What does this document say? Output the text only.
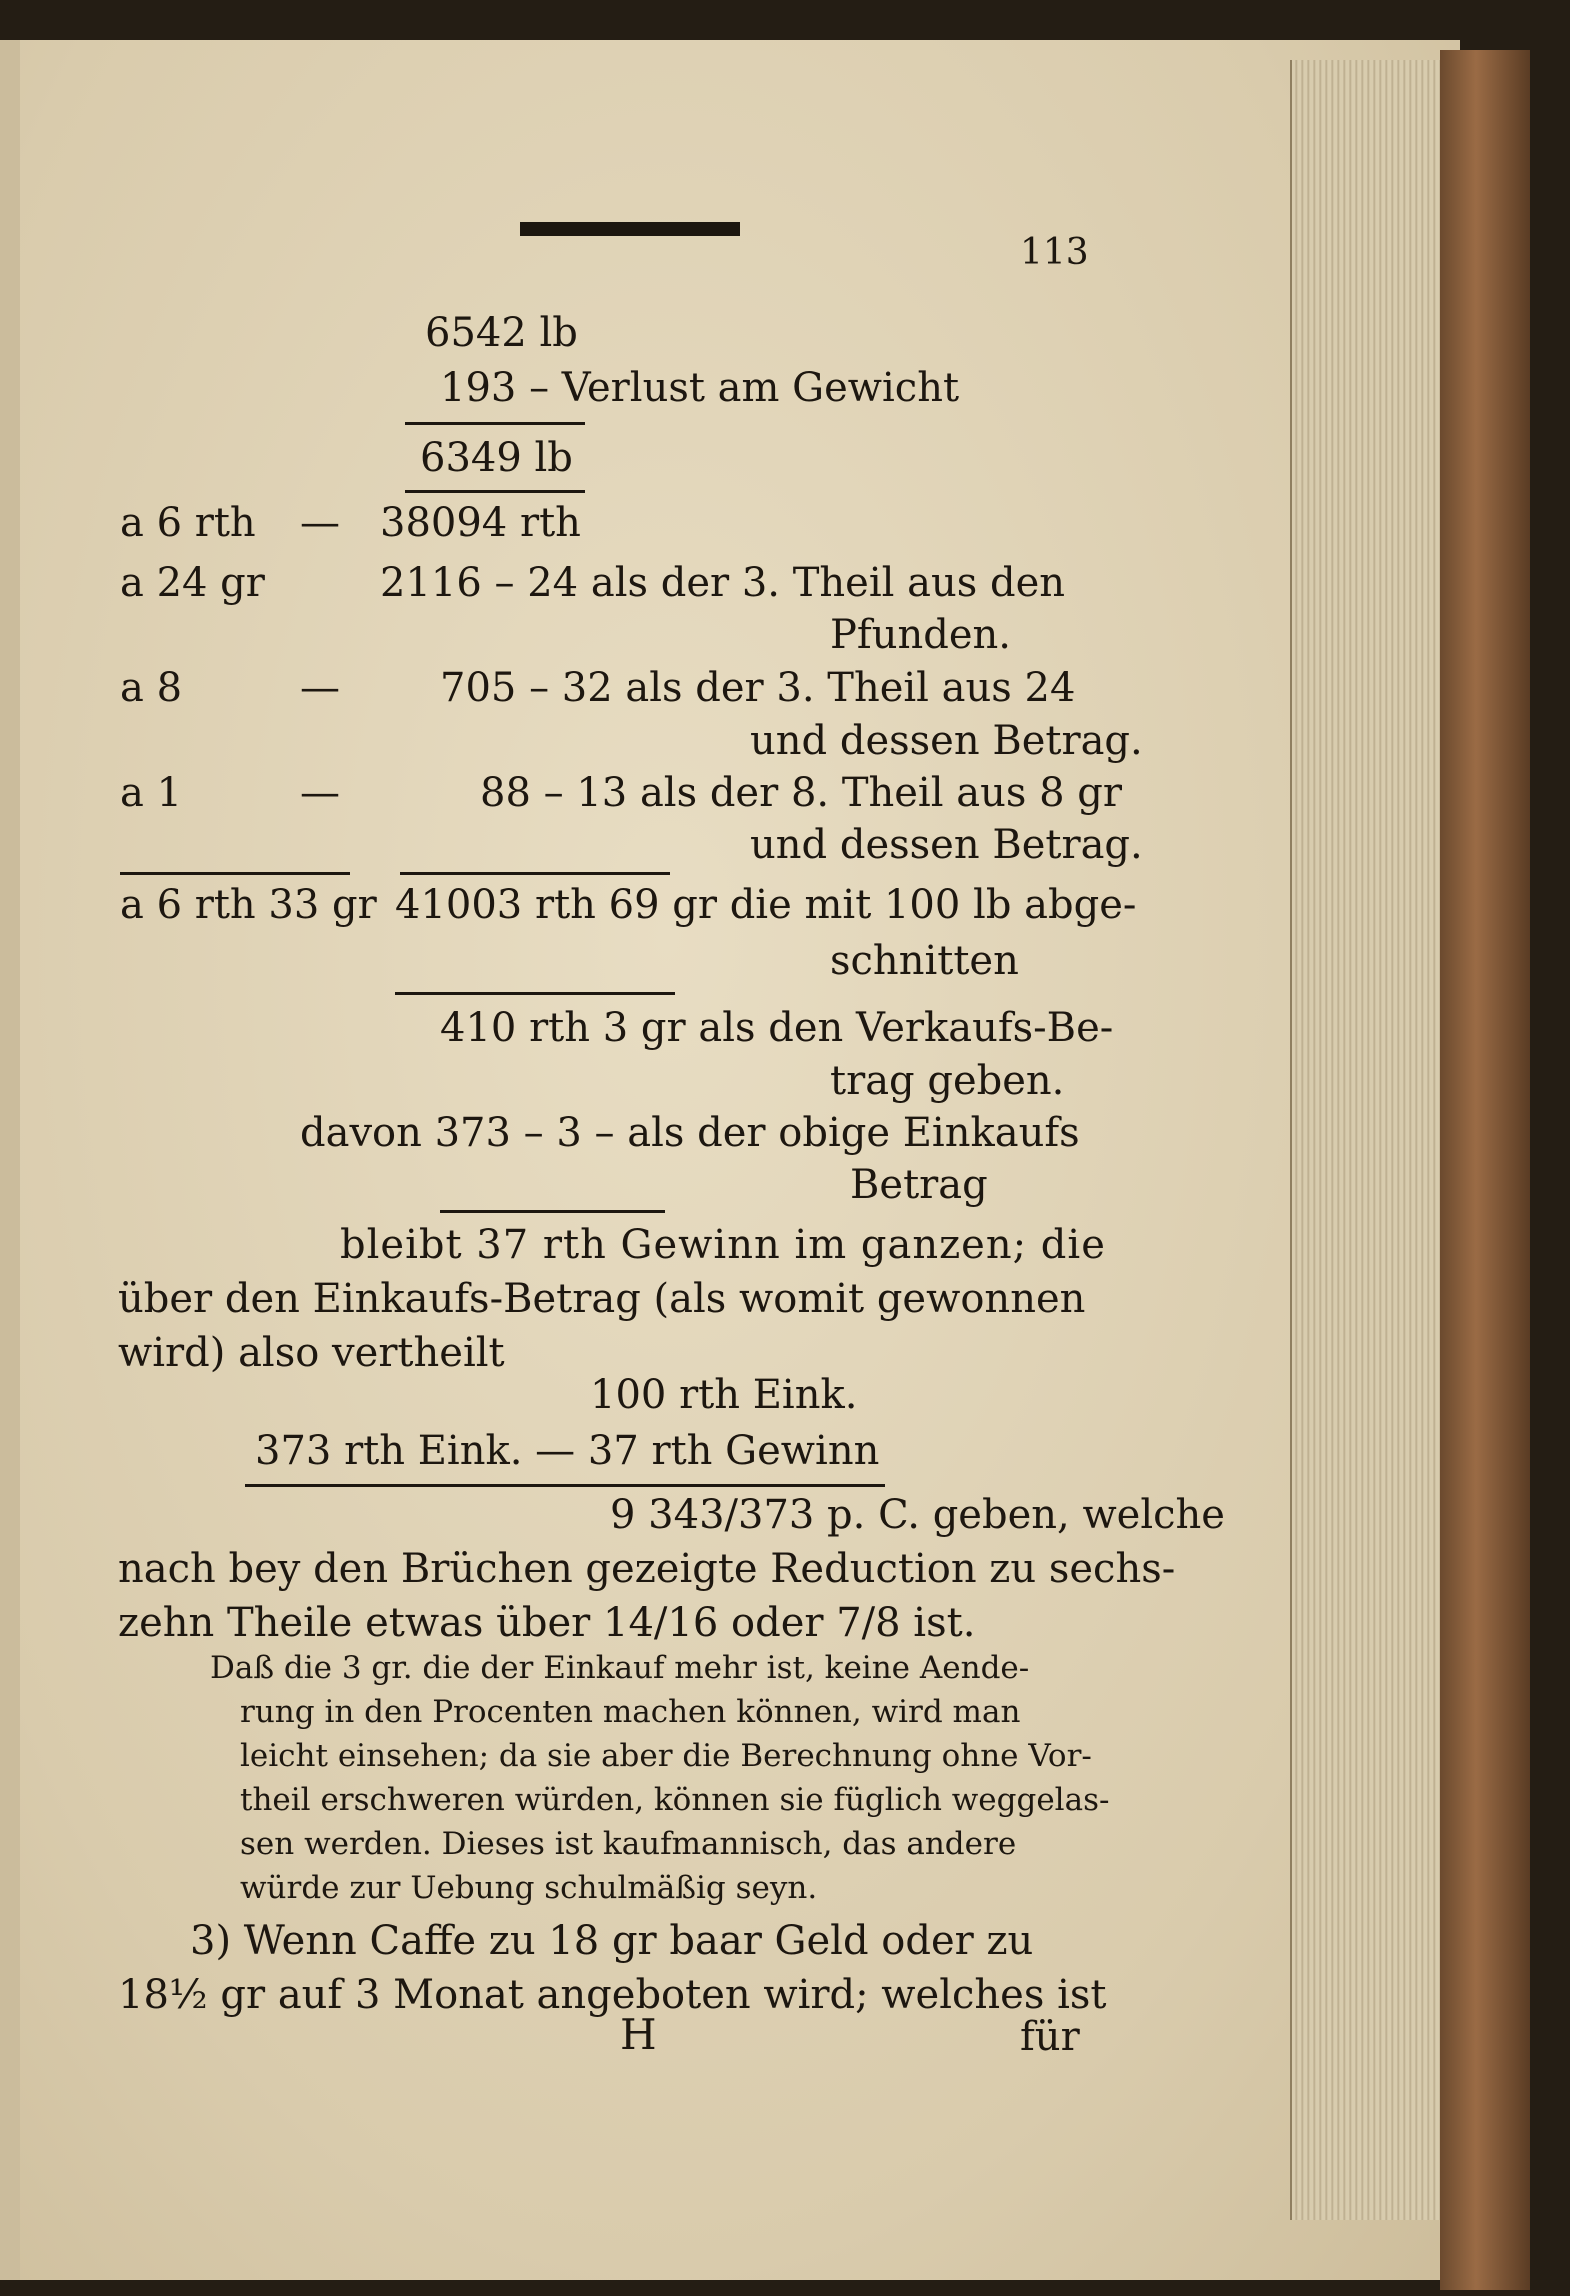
113
6542 lb
193 – Verlust am Gewicht
6349 lb
a 6 rth — 38094 rth
a 24 gr	2116 – 24 als der 3. Theil aus den
Pfunden.
a 8	—	705 – 32 als der 3. Theil aus 24
und dessen Betrag.
a 1	—	88 – 13 als der 8. Theil aus 8 gr
und dessen Betrag.
a 6 rth 33 gr 41003 rth 69 gr die mit 100 lb abge-
schnitten
410 rth 3 gr als den Verkaufs-Be-
trag geben.
davon 373 – 3 – als der obige Einkaufs
Betrag
bleibt 37 rth Gewinn im ganzen; die
über den Einkaufs-Betrag (als womit gewonnen
wird) also vertheilt
100 rth Eink.
373 rth Eink. — 37 rth Gewinn
9 343/373 p. C. geben, welche
nach bey den Brüchen gezeigte Reduction zu sechs-
zehn Theile etwas über 14/16 oder 7/8 ist.
Daß die 3 gr. die der Einkauf mehr ist, keine Aende-
rung in den Procenten machen können, wird man
leicht einsehen; da sie aber die Berechnung ohne Vor-
theil erschweren würden, können sie füglich weggelas-
sen werden. Dieses ist kaufmannisch, das andere
würde zur Uebung schulmäßig seyn.
3) Wenn Caffe zu 18 gr baar Geld oder zu
18½ gr auf 3 Monat angeboten wird; welches ist
H	für
